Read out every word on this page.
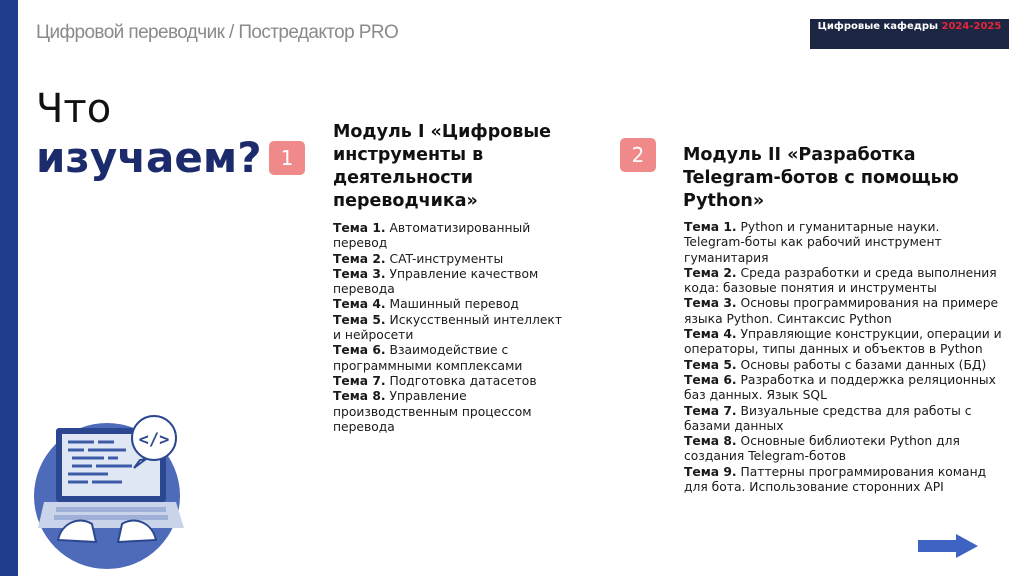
Цифровой переводчик / Постредактор PRO	Цифровые кафедры 2024-2025
Что
изучаем? 1
Модуль I «Цифровые инструменты в деятельности переводчика»

Тема 1. Автоматизированный перевод

Тема 2. CAT-инструменты

Тема 3. Управление качеством перевода

Тема 4. Машинный перевод

Тема 5. Искусственный интеллект и нейросети

Тема 6. Взаимодействие с программными комплексами

Тема 7. Подготовка датасетов

Тема 8. Управление производственным процессом перевода

2	Модуль II «Разработка Telegram-ботов с помощью Python»

Тема 1. Python и гуманитарные науки. Telegram-боты как рабочий инструмент гуманитария

Тема 2. Среда разработки и среда выполнения кода: базовые понятия и инструменты

Тема 3. Основы программирования на примере языка Python. Синтаксис Python

Тема 4. Управляющие конструкции, операции и операторы, типы данных и объектов в Python

Тема 5. Основы работы с базами данных (БД)

Тема 6. Разработка и поддержка реляционных баз данных. Язык SQL

Тема 7. Визуальные средства для работы с базами данных

Тема 8. Основные библиотеки Python для создания Telegram-ботов

Тема 9. Паттерны программирования команд для бота. Использование сторонних API

</>
